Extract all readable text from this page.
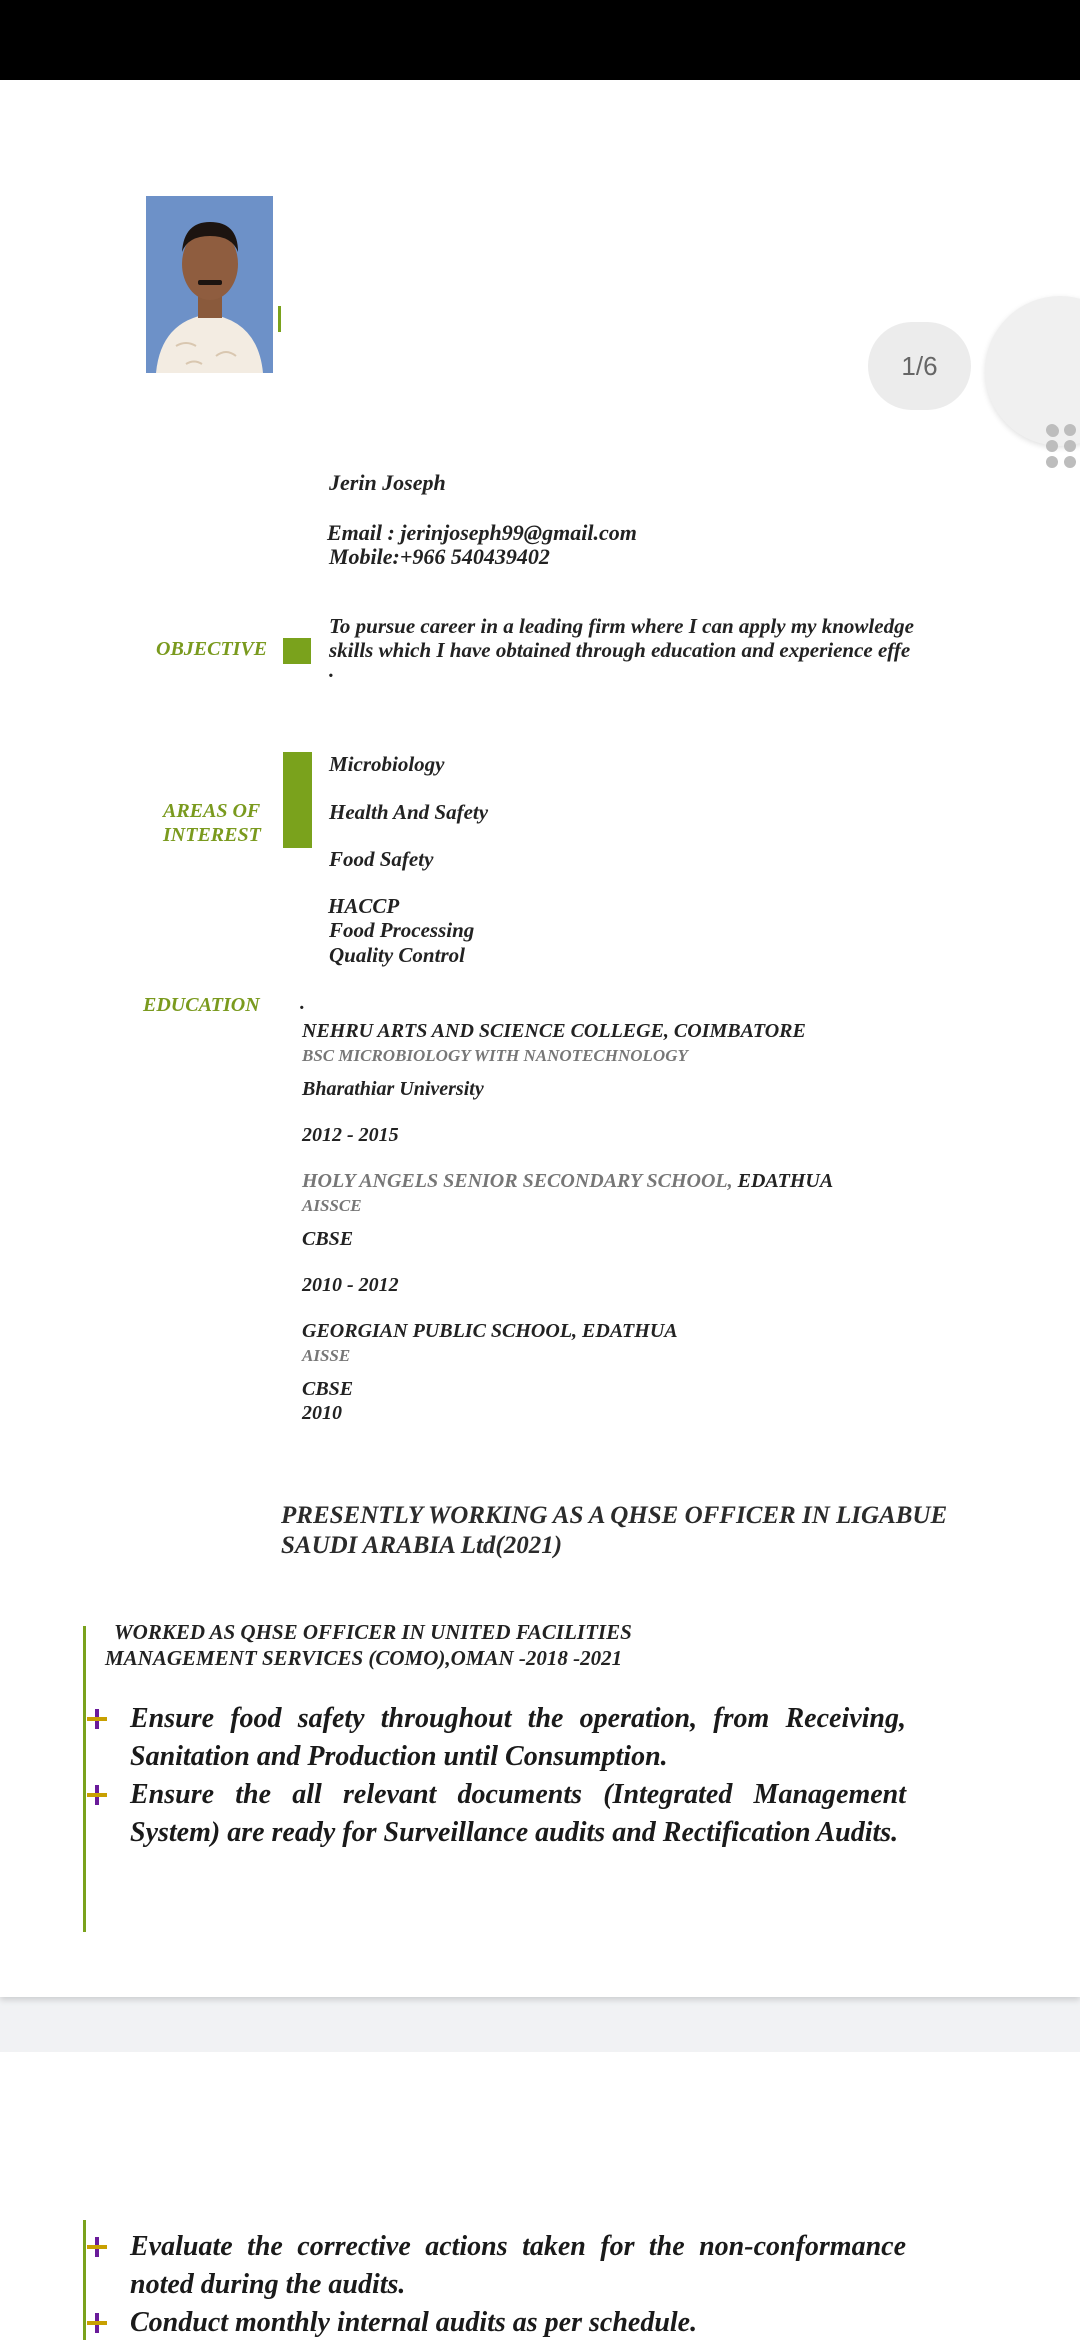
Jerin Joseph
Email : jerinjoseph99@gmail.com
Mobile:+966 540439402
OBJECTIVE
To pursue career in a leading firm where I can apply my knowledge
skills which I have obtained through education and experience effe
.
AREAS OF
INTEREST
Microbiology
Health And Safety
Food Safety
HACCP
Food Processing
Quality Control
EDUCATION .
NEHRU ARTS AND SCIENCE COLLEGE, COIMBATORE
BSC MICROBIOLOGY WITH NANOTECHNOLOGY
Bharathiar University
2012 - 2015
HOLY ANGELS SENIOR SECONDARY SCHOOL, EDATHUA
AISSCE
CBSE
2010 - 2012
GEORGIAN PUBLIC SCHOOL, EDATHUA
AISSE
CBSE
2010
PRESENTLY WORKING AS A QHSE OFFICER IN LIGABUE
SAUDI ARABIA Ltd(2021)
WORKED AS QHSE OFFICER IN UNITED FACILITIES
MANAGEMENT SERVICES (COMO),OMAN -2018 -2021
Ensure food safety throughout the operation, from Receiving, Sanitation and Production until Consumption.
Ensure the all relevant documents (Integrated Management System) are ready for Surveillance audits and Rectification Audits.
1/6
Evaluate the corrective actions taken for the non-conformance noted during the audits.
Conduct monthly internal audits as per schedule.
